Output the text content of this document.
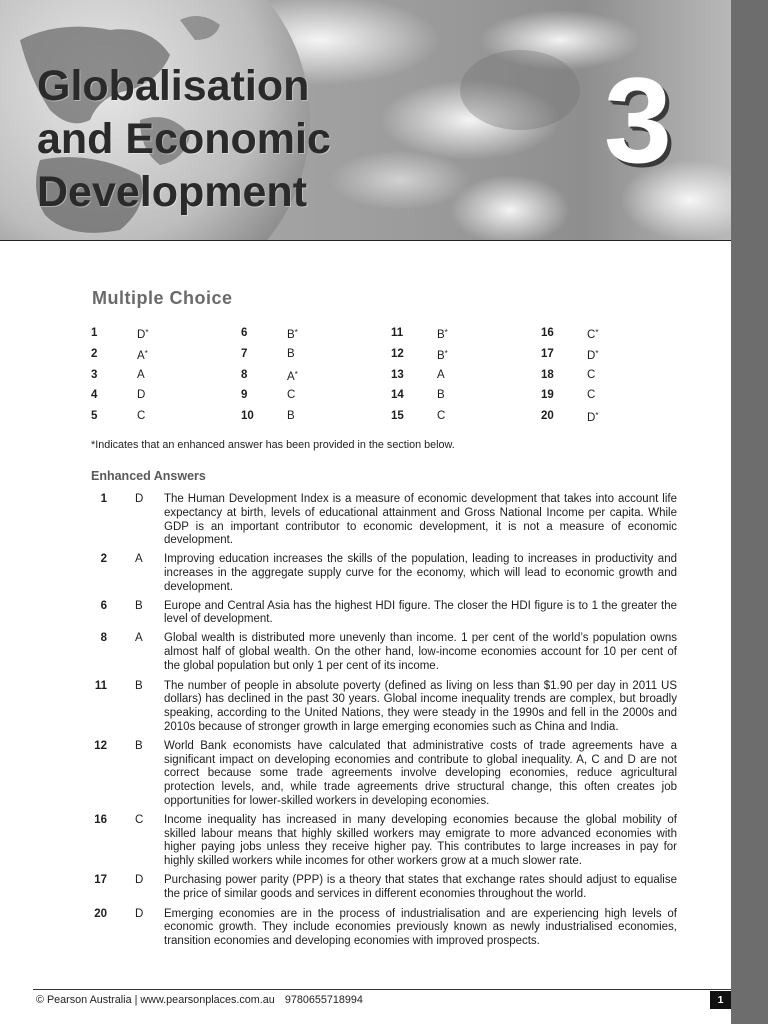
Globalisation
and Economic
Development
3
Multiple Choice
1	D*
2	A*
3	A
4	D
5	C
6	B*
7	B
8	A*
9	C
10	B
11	B*
12	B*
13	A
14	B
15	C
16	C*
17	D*
18	C
19	C
20	D*
*Indicates that an enhanced answer has been provided in the section below.
Enhanced Answers
1 D The Human Development Index is a measure of economic development that takes into account life expectancy at birth, levels of educational attainment and Gross National Income per capita. While GDP is an important contributor to economic development, it is not a measure of economic development.
2 A Improving education increases the skills of the population, leading to increases in productivity and increases in the aggregate supply curve for the economy, which will lead to economic growth and development.
6 B Europe and Central Asia has the highest HDI figure. The closer the HDI figure is to 1 the greater the level of development.
8 A Global wealth is distributed more unevenly than income. 1 per cent of the world’s population owns almost half of global wealth. On the other hand, low-income economies account for 10 per cent of the global population but only 1 per cent of its income.
11 B The number of people in absolute poverty (defined as living on less than $1.90 per day in 2011 US dollars) has declined in the past 30 years. Global income inequality trends are complex, but broadly speaking, according to the United Nations, they were steady in the 1990s and fell in the 2000s and 2010s because of stronger growth in large emerging economies such as China and India.
12 B World Bank economists have calculated that administrative costs of trade agreements have a significant impact on developing economies and contribute to global inequality. A, C and D are not correct because some trade agreements involve developing economies, reduce agricultural protection levels, and, while trade agreements drive structural change, this often creates job opportunities for lower-skilled workers in developing economies.
16 C Income inequality has increased in many developing economies because the global mobility of skilled labour means that highly skilled workers may emigrate to more advanced economies with higher paying jobs unless they receive higher pay. This contributes to large increases in pay for highly skilled workers while incomes for other workers grow at a much slower rate.
17 D Purchasing power parity (PPP) is a theory that states that exchange rates should adjust to equalise the price of similar goods and services in different economies throughout the world.
20 D Emerging economies are in the process of industrialisation and are experiencing high levels of economic growth. They include economies previously known as newly industrialised economies, transition economies and developing economies with improved prospects.
© Pearson Australia | www.pearsonplaces.com.au 9780655718994	1
